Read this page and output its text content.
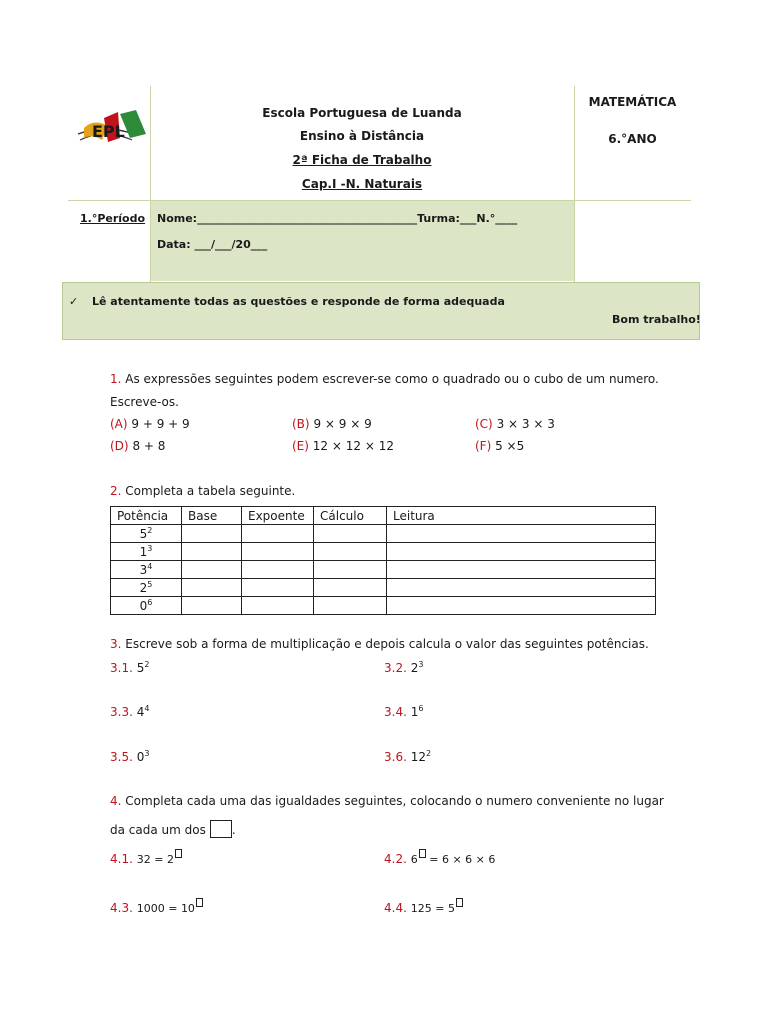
EPL
Escola Portuguesa de Luanda
Ensino à Distância
2ª Ficha de Trabalho
Cap.I -N. Naturais
MATEMÁTICA
6.°ANO
1.°Período Nome:________________________________________Turma:___N.°____
Data: ___/___/20___
✓ Lê atentamente todas as questões e responde de forma adequada
Bom trabalho!
1. As expressões seguintes podem escrever-se como o quadrado ou o cubo de um numero.
Escreve-os.
(A) 9 + 9 + 9	(B) 9 × 9 × 9	(C) 3 × 3 × 3
(D) 8 + 8	(E) 12 × 12 × 12	(F) 5 ×5
2. Completa a tabela seguinte.
Potência	Base	Expoente	Cálculo	Leitura
$5^2$				
$1^3$				
$3^4$				
$2^5$				
$0^6$				
3. Escreve sob a forma de multiplicação e depois calcula o valor das seguintes potências.
3.1. $5^2$	3.2. $2^3$
3.3. $4^4$	3.4. $1^6$
3.5. $0^3$	3.6. $12^2$
4. Completa cada uma das igualdades seguintes, colocando o numero conveniente no lugar
da cada um dos .
4.1. 32 = 2	4.2. 6 = 6 × 6 × 6
4.3. 1000 = 10	4.4. 125 = 5
